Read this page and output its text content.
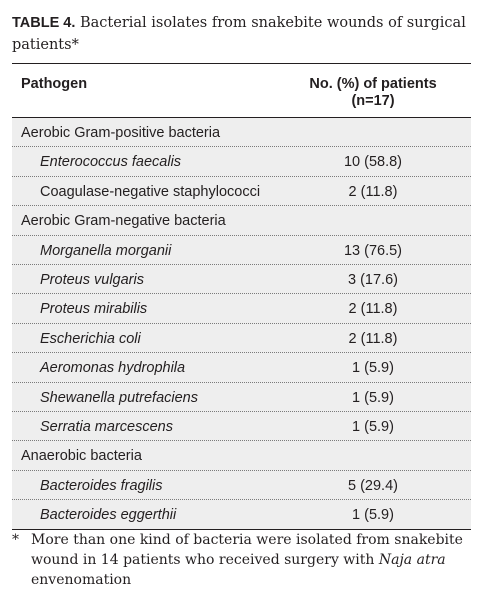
TABLE 4. Bacterial isolates from snakebite wounds of surgical patients*
Pathogen	No. (%) of patients
(n=17)
Aerobic Gram-positive bacteria
Enterococcus faecalis	10 (58.8)
Coagulase-negative staphylococci	2 (11.8)
Aerobic Gram-negative bacteria
Morganella morganii	13 (76.5)
Proteus vulgaris	3 (17.6)
Proteus mirabilis	2 (11.8)
Escherichia coli	2 (11.8)
Aeromonas hydrophila	1 (5.9)
Shewanella putrefaciens	1 (5.9)
Serratia marcescens	1 (5.9)
Anaerobic bacteria
Bacteroides fragilis	5 (29.4)
Bacteroides eggerthii	1 (5.9)
* More than one kind of bacteria were isolated from snakebite wound in 14 patients who received surgery with Naja atra envenomation
